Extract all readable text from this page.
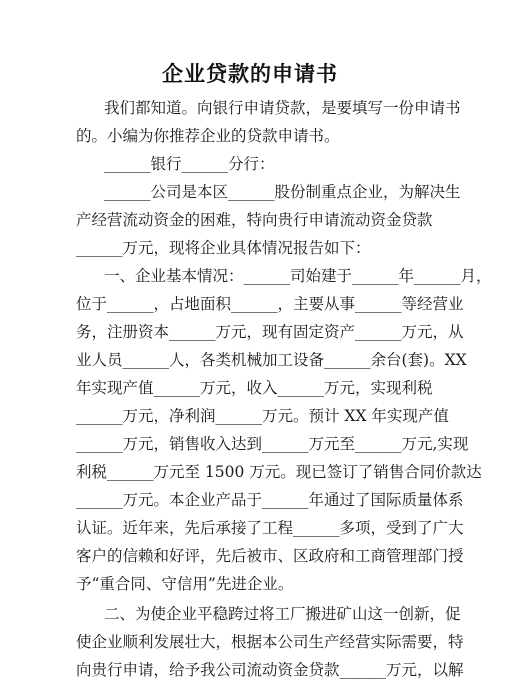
企业贷款的申请书
我们都知道。向银行申请贷款，是要填写一份申请书
的。小编为你推荐企业的贷款申请书。
______银行______分行：
______公司是本区______股份制重点企业，为解决生
产经营流动资金的困难，特向贵行申请流动资金贷款
______万元，现将企业具体情况报告如下：
一、企业基本情况：______司始建于______年______月，
位于______，占地面积______，主要从事______等经营业
务，注册资本______万元，现有固定资产______万元，从
业人员______人，各类机械加工设备______余台(套)。XX
年实现产值______万元，收入______万元，实现利税
______万元，净利润______万元。预计 XX 年实现产值
______万元，销售收入达到______万元至______万元,实现
利税______万元至 1500 万元。现已签订了销售合同价款达
______万元。本企业产品于______年通过了国际质量体系
认证。近年来，先后承接了工程______多项，受到了广大
客户的信赖和好评，先后被市、区政府和工商管理部门授
予“重合同、守信用”先进企业。
二、为使企业平稳跨过将工厂搬进矿山这一创新，促
使企业顺利发展壮大，根据本公司生产经营实际需要，特
向贵行申请，给予我公司流动资金贷款______万元，以解
